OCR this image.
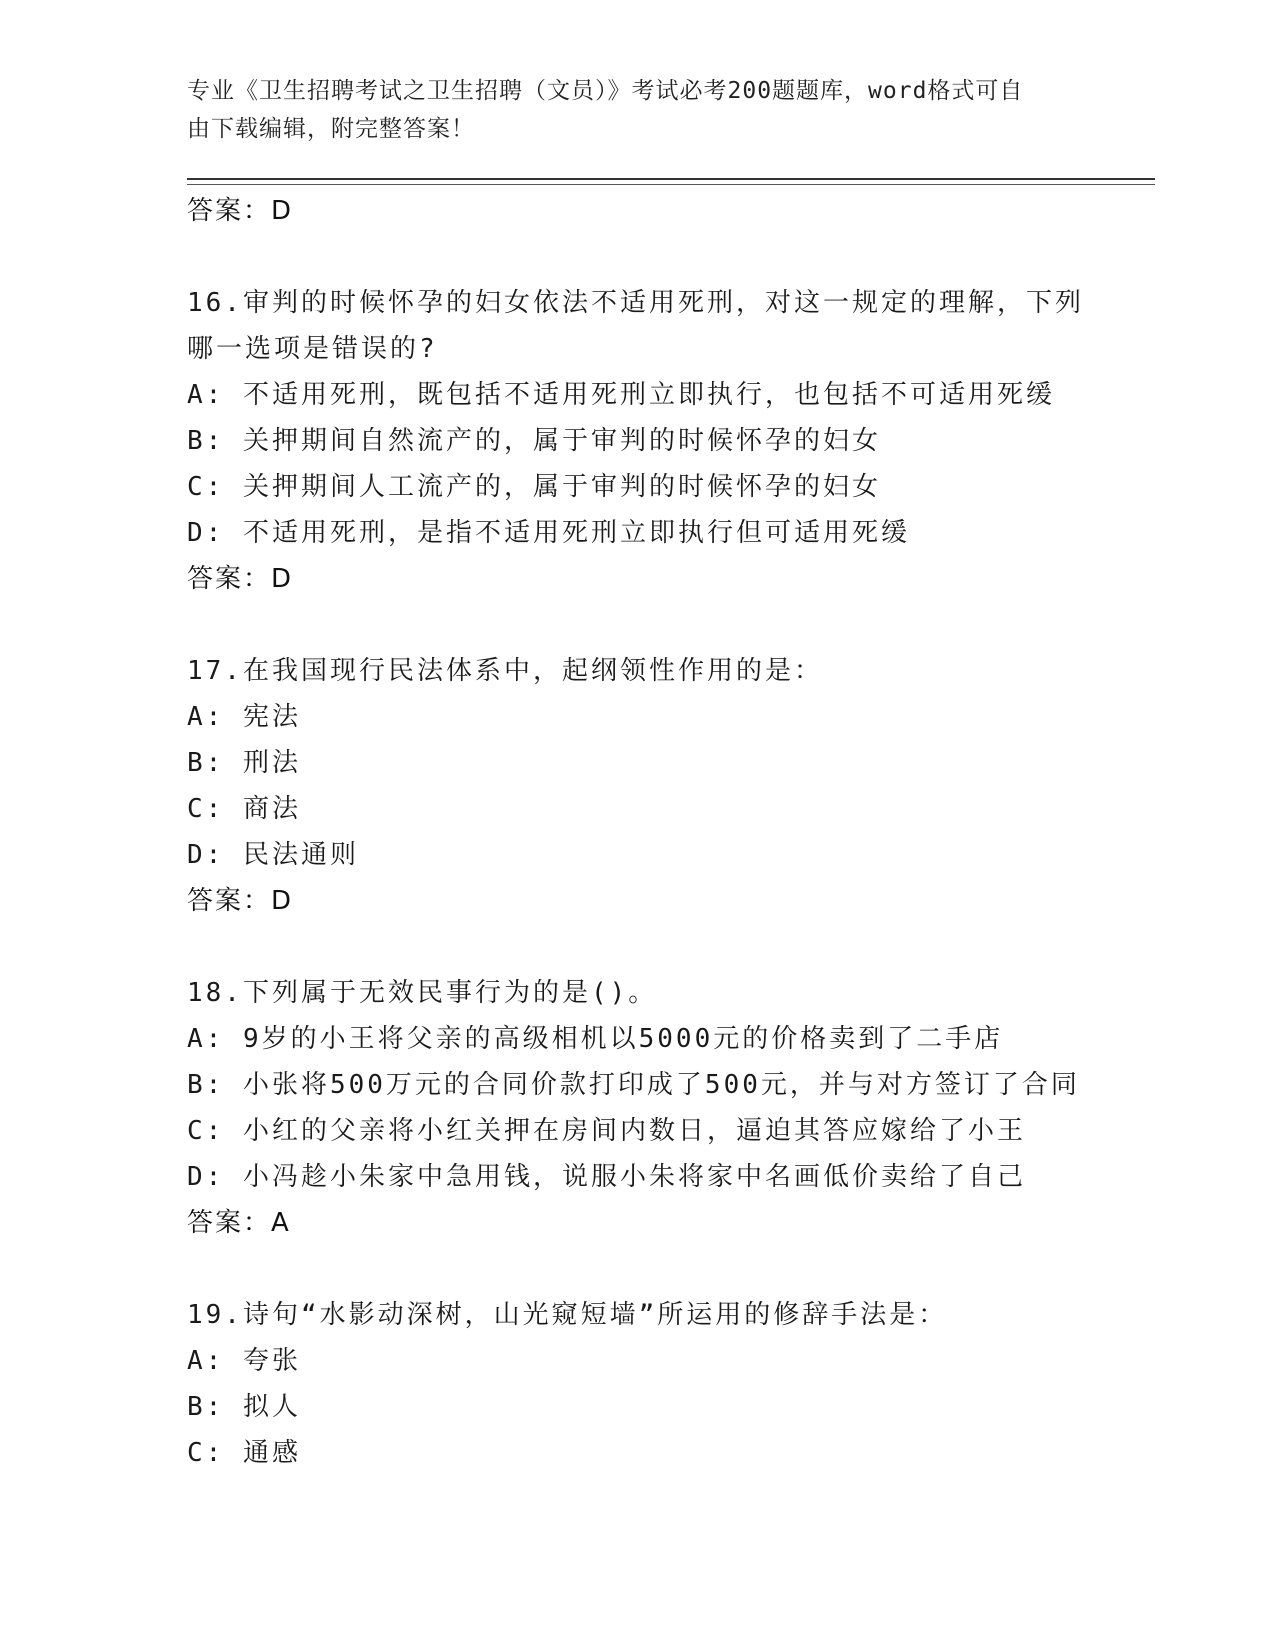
专业《卫生招聘考试之卫生招聘（文员）》考试必考200题题库，word格式可自
由下载编辑，附完整答案！
答案：D
16.审判的时候怀孕的妇女依法不适用死刑，对这一规定的理解，下列
哪一选项是错误的?
A: 不适用死刑，既包括不适用死刑立即执行，也包括不可适用死缓
B: 关押期间自然流产的，属于审判的时候怀孕的妇女
C: 关押期间人工流产的，属于审判的时候怀孕的妇女
D: 不适用死刑，是指不适用死刑立即执行但可适用死缓
答案：D
17.在我国现行民法体系中，起纲领性作用的是：
A: 宪法
B: 刑法
C: 商法
D: 民法通则
答案：D
18.下列属于无效民事行为的是()。
A: 9岁的小王将父亲的高级相机以5000元的价格卖到了二手店
B: 小张将500万元的合同价款打印成了500元，并与对方签订了合同
C: 小红的父亲将小红关押在房间内数日，逼迫其答应嫁给了小王
D: 小冯趁小朱家中急用钱，说服小朱将家中名画低价卖给了自己
答案：A
19.诗句“水影动深树，山光窥短墙”所运用的修辞手法是：
A: 夸张
B: 拟人
C: 通感
